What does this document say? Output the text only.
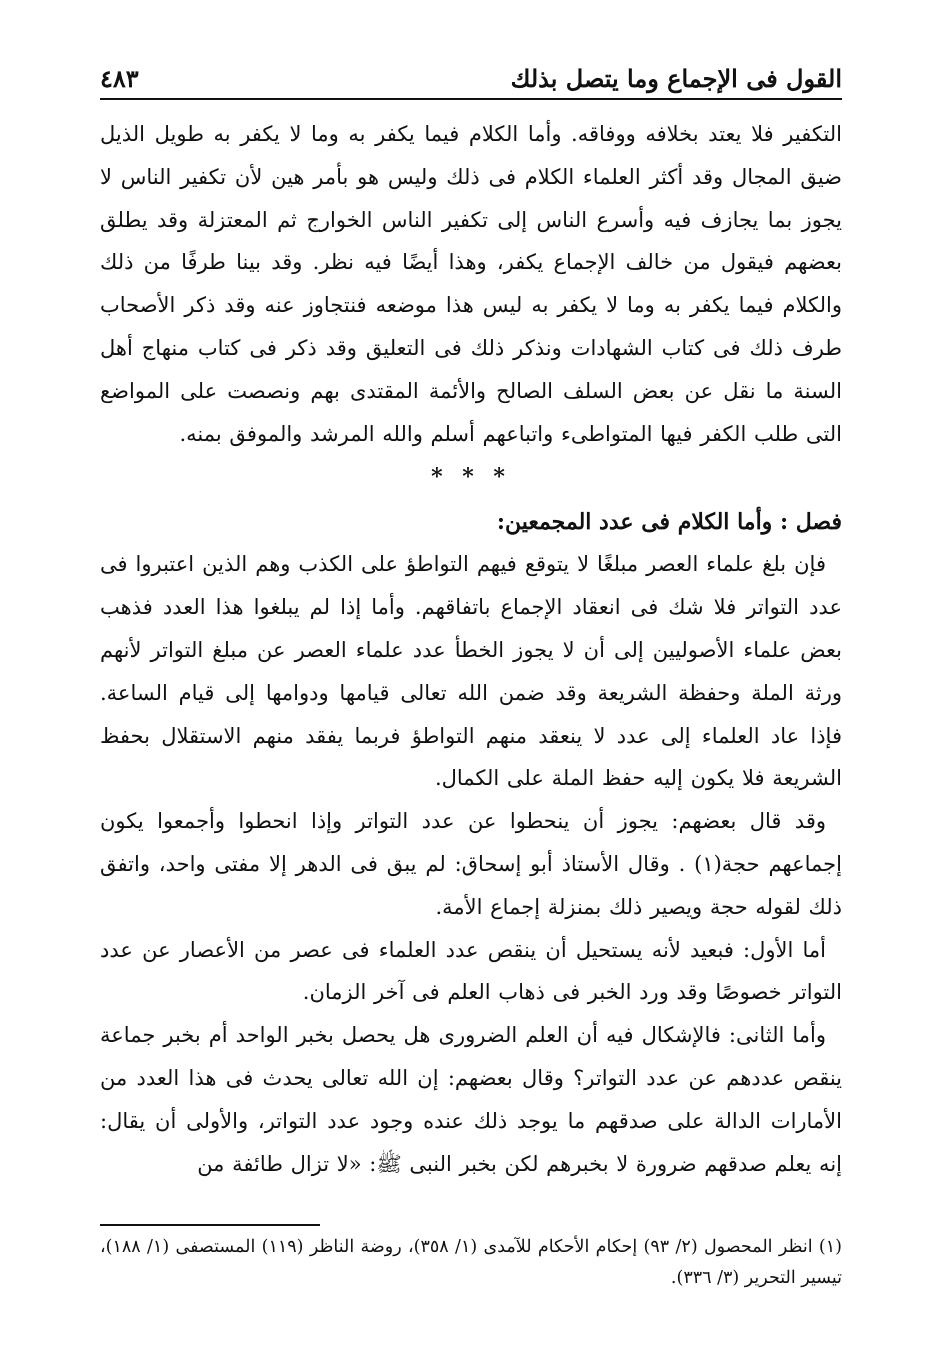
القول فى الإجماع وما يتصل بذلك
٤٨٣

التكفير فلا يعتد بخلافه ووفاقه. وأما الكلام فيما يكفر به وما لا يكفر به طويل الذيل ضيق المجال وقد أكثر العلماء الكلام فى ذلك وليس هو بأمر هين لأن تكفير الناس لا يجوز بما يجازف فيه وأسرع الناس إلى تكفير الناس الخوارج ثم المعتزلة وقد يطلق بعضهم فيقول من خالف الإجماع يكفر، وهذا أيضًا فيه نظر. وقد بينا طرفًا من ذلك والكلام فيما يكفر به وما لا يكفر به ليس هذا موضعه فنتجاوز عنه وقد ذكر الأصحاب طرف ذلك فى كتاب الشهادات ونذكر ذلك فى التعليق وقد ذكر فى كتاب منهاج أهل السنة ما نقل عن بعض السلف الصالح والأئمة المقتدى بهم ونصصت على المواضع التى طلب الكفر فيها المتواطىء واتباعهم أسلم والله المرشد والموفق بمنه.

* * *

فصل : وأما الكلام فى عدد المجمعين:

فإن بلغ علماء العصر مبلغًا لا يتوقع فيهم التواطؤ على الكذب وهم الذين اعتبروا فى عدد التواتر فلا شك فى انعقاد الإجماع باتفاقهم. وأما إذا لم يبلغوا هذا العدد فذهب بعض علماء الأصوليين إلى أن لا يجوز الخطأ عدد علماء العصر عن مبلغ التواتر لأنهم ورثة الملة وحفظة الشريعة وقد ضمن الله تعالى قيامها ودوامها إلى قيام الساعة. فإذا عاد العلماء إلى عدد لا ينعقد منهم التواطؤ فربما يفقد منهم الاستقلال بحفظ الشريعة فلا يكون إليه حفظ الملة على الكمال.

وقد قال بعضهم: يجوز أن ينحطوا عن عدد التواتر وإذا انحطوا وأجمعوا يكون إجماعهم حجة(١) . وقال الأستاذ أبو إسحاق: لم يبق فى الدهر إلا مفتى واحد، واتفق ذلك لقوله حجة ويصير ذلك بمنزلة إجماع الأمة.

أما الأول: فبعيد لأنه يستحيل أن ينقص عدد العلماء فى عصر من الأعصار عن عدد التواتر خصوصًا وقد ورد الخبر فى ذهاب العلم فى آخر الزمان.

وأما الثانى: فالإشكال فيه أن العلم الضرورى هل يحصل بخبر الواحد أم بخبر جماعة ينقص عددهم عن عدد التواتر؟ وقال بعضهم: إن الله تعالى يحدث فى هذا العدد من الأمارات الدالة على صدقهم ما يوجد ذلك عنده وجود عدد التواتر، والأولى أن يقال: إنه يعلم صدقهم ضرورة لا بخبرهم لكن بخبر النبى ﷺ: «لا تزال طائفة من

(١) انظر المحصول (٢/ ٩٣) إحكام الأحكام للآمدى (١/ ٣٥٨)، روضة الناظر (١١٩) المستصفى (١/ ١٨٨)، تيسير التحرير (٣/ ٣٣٦).
